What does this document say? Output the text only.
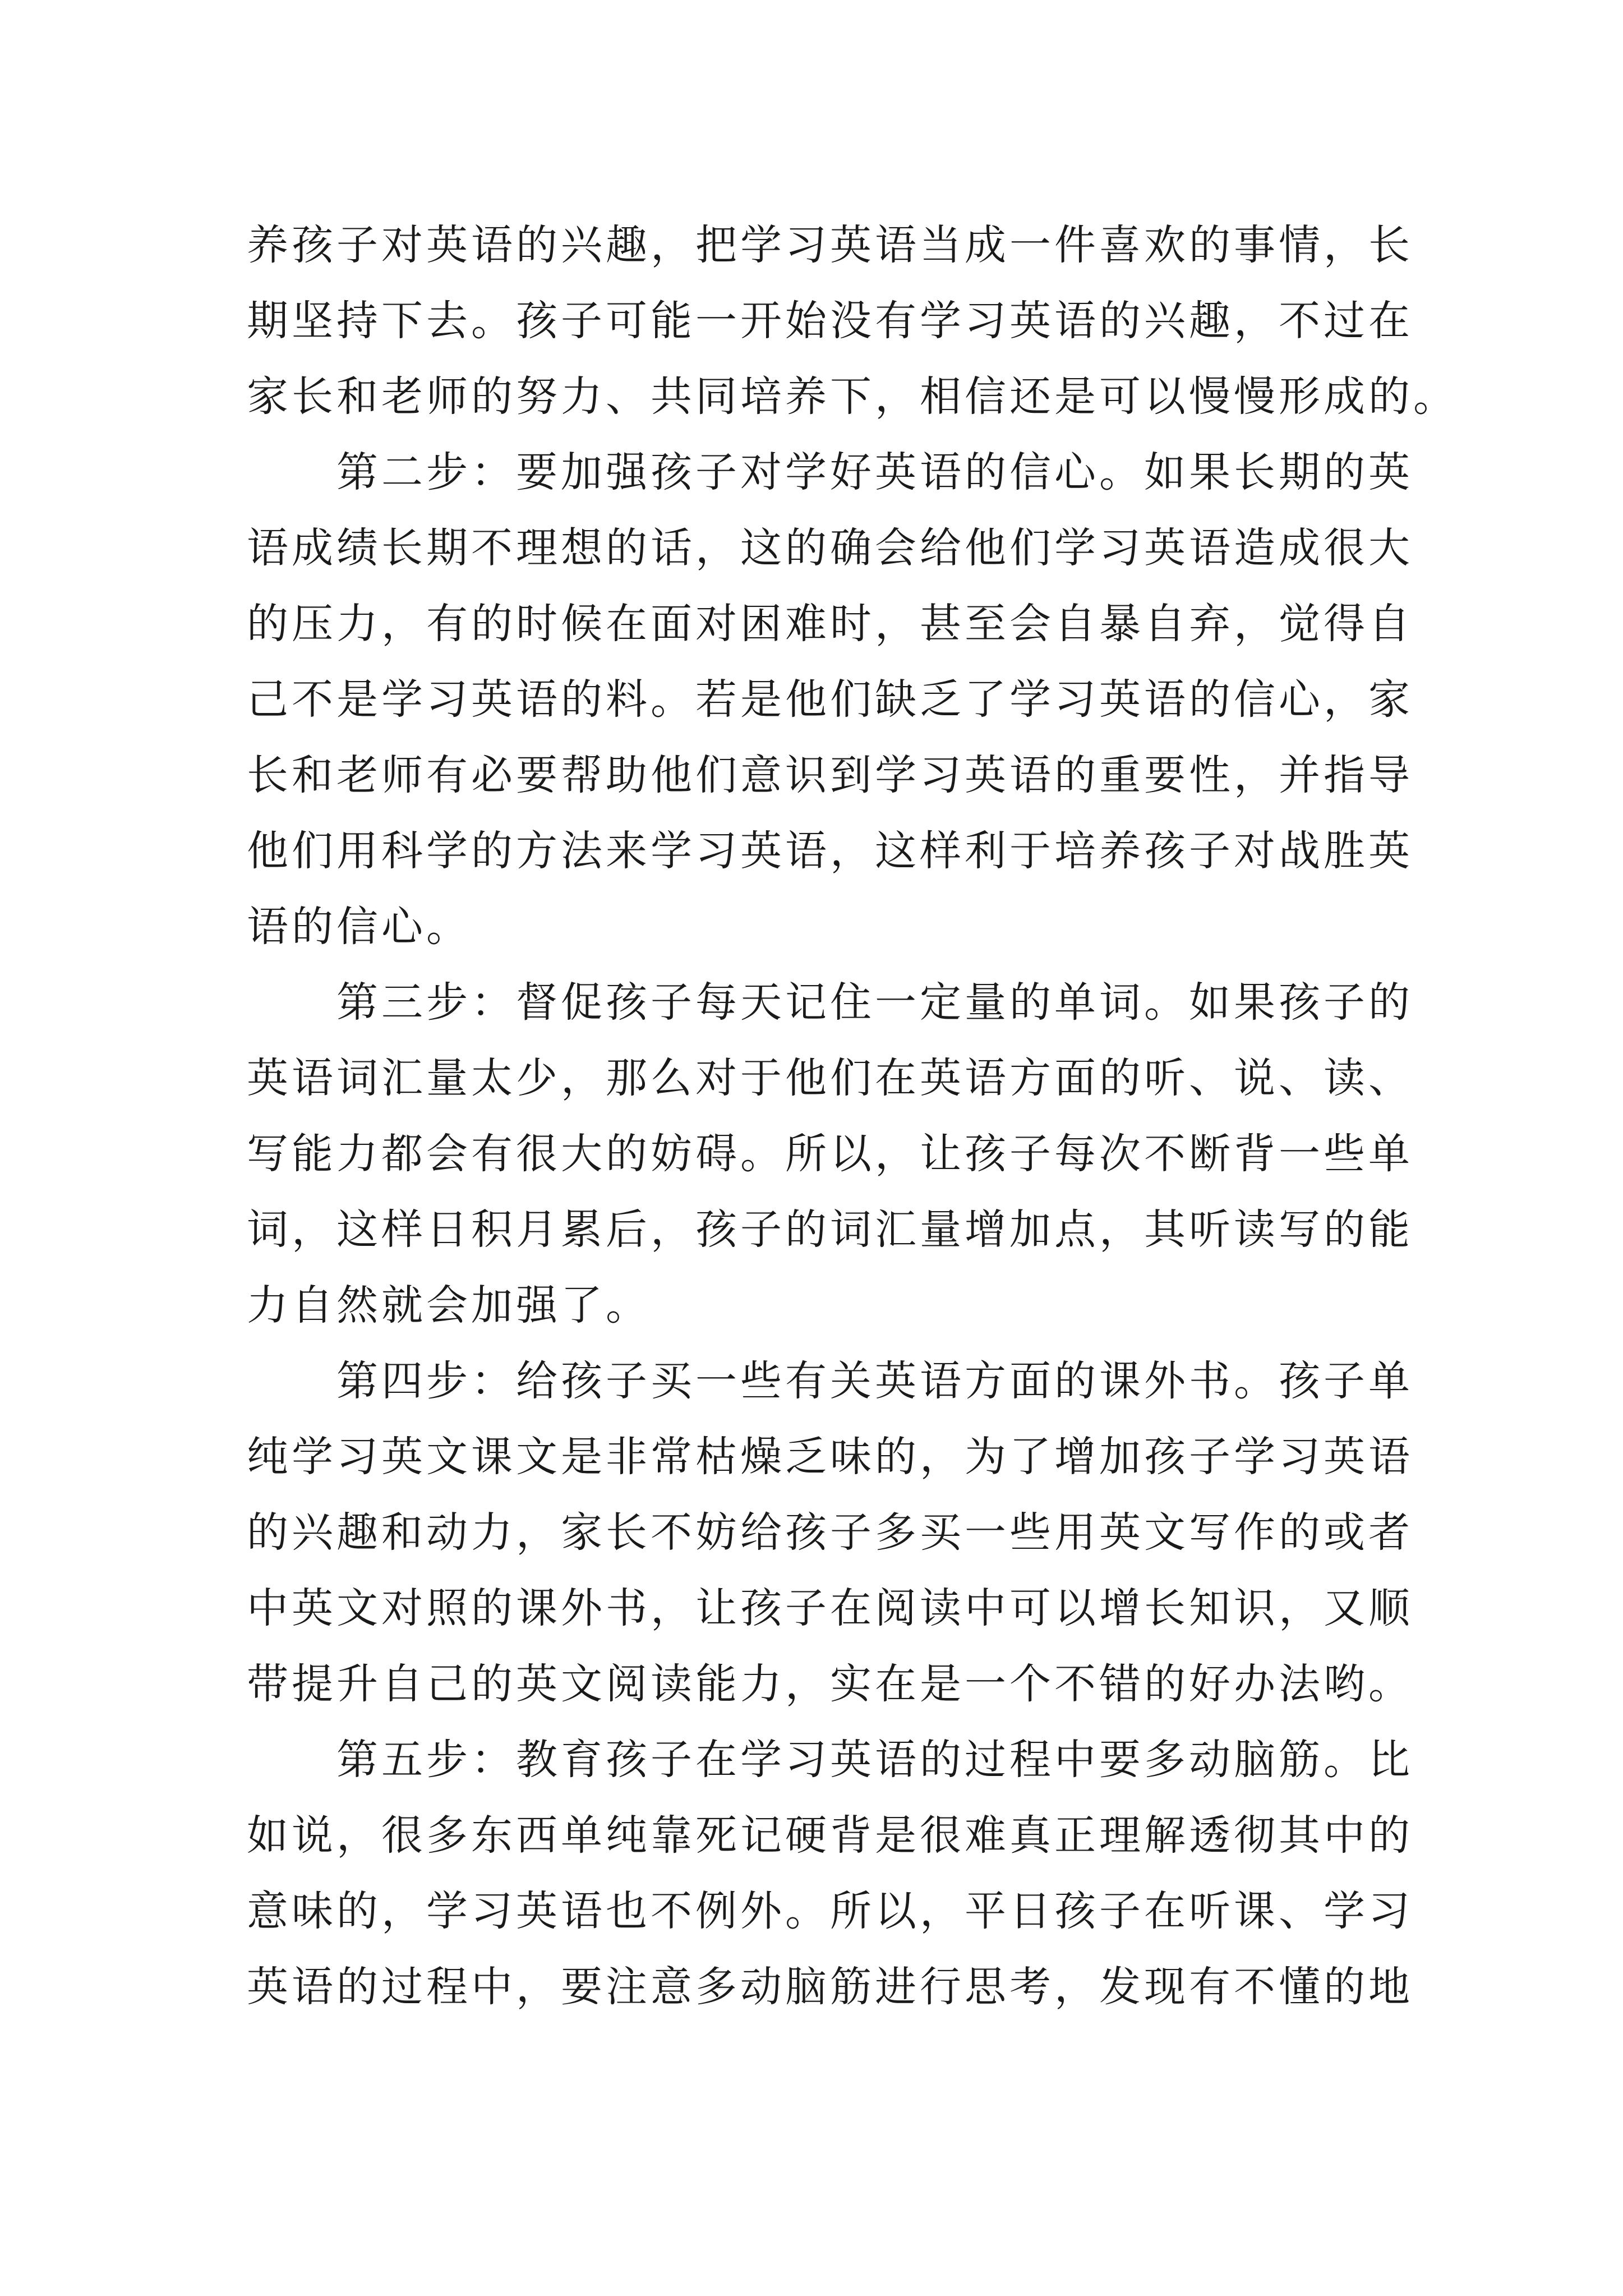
养孩子对英语的兴趣，把学习英语当成一件喜欢的事情，长
期坚持下去。孩子可能一开始没有学习英语的兴趣，不过在
家长和老师的努力、共同培养下，相信还是可以慢慢形成的。
第二步：要加强孩子对学好英语的信心。如果长期的英
语成绩长期不理想的话，这的确会给他们学习英语造成很大
的压力，有的时候在面对困难时，甚至会自暴自弃，觉得自
己不是学习英语的料。若是他们缺乏了学习英语的信心，家
长和老师有必要帮助他们意识到学习英语的重要性，并指导
他们用科学的方法来学习英语，这样利于培养孩子对战胜英
语的信心。
第三步：督促孩子每天记住一定量的单词。如果孩子的
英语词汇量太少，那么对于他们在英语方面的听、说、读、
写能力都会有很大的妨碍。所以，让孩子每次不断背一些单
词，这样日积月累后，孩子的词汇量增加点，其听读写的能
力自然就会加强了。
第四步：给孩子买一些有关英语方面的课外书。孩子单
纯学习英文课文是非常枯燥乏味的，为了增加孩子学习英语
的兴趣和动力，家长不妨给孩子多买一些用英文写作的或者
中英文对照的课外书，让孩子在阅读中可以增长知识，又顺
带提升自己的英文阅读能力，实在是一个不错的好办法哟。
第五步：教育孩子在学习英语的过程中要多动脑筋。比
如说，很多东西单纯靠死记硬背是很难真正理解透彻其中的
意味的，学习英语也不例外。所以，平日孩子在听课、学习
英语的过程中，要注意多动脑筋进行思考，发现有不懂的地
